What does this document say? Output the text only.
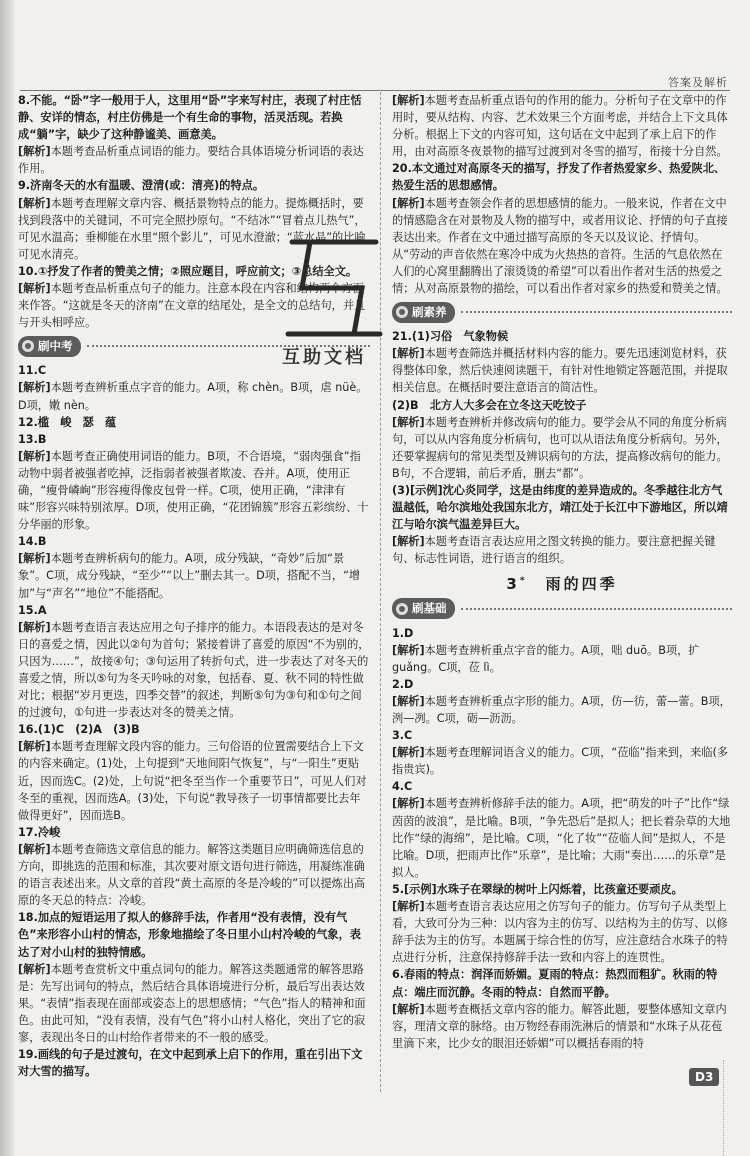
答案及解析

8.不能。“卧”字一般用于人，这里用“卧”字来写村庄，表现了村庄恬静、安详的情态，村庄仿佛是一个有生命的事物，活灵活现。若换成“躺”字，缺少了这种静谧美、画意美。

[解析]本题考查品析重点词语的能力。要结合具体语境分析词语的表达作用。

9.济南冬天的水有温暖、澄清(或：清亮)的特点。

[解析]本题考查理解文章内容、概括景物特点的能力。提炼概括时，要找到段落中的关键词，不可完全照抄原句。“不结冰”“冒着点儿热气”，可见水温高；垂柳能在水里“照个影儿”，可见水澄澈；“蓝水晶”的比喻可见水清亮。

10.①抒发了作者的赞美之情；②照应题目，呼应前文；③总结全文。

[解析]本题考查品析重点句子的能力。注意本段在内容和结构两个方面来作答。“这就是冬天的济南”在文章的结尾处，是全文的总结句，并且与开头相呼应。

刷中考

11.C

[解析]本题考查辨析重点字音的能力。A项，称 chèn。B项，虐 nüè。D项，嫩 nèn。

12.槛　峻　瑟　蕴

13.B

[解析]本题考查正确使用词语的能力。B项，不合语境，“弱肉强食”指动物中弱者被强者吃掉，泛指弱者被强者欺凌、吞并。A项，使用正确，“瘦骨嶙峋”形容瘦得像皮包骨一样。C项，使用正确，“津津有味”形容兴味特别浓厚。D项，使用正确，“花团锦簇”形容五彩缤纷、十分华丽的形象。

14.B

[解析]本题考查辨析病句的能力。A项，成分残缺，“奇妙”后加“景象”。C项，成分残缺，“至少”“以上”删去其一。D项，搭配不当，“增加”与“声名”“地位”不能搭配。

15.A

[解析]本题考查语言表达应用之句子排序的能力。本语段表达的是对冬日的喜爱之情，因此以②句为首句；紧接着讲了喜爱的原因“不为别的，只因为……”，故接④句；③句运用了转折句式，进一步表达了对冬天的喜爱之情，所以⑤句为冬天吟咏的对象，包括春、夏、秋不同的特性做对比；根据“岁月更迭，四季交替”的叙述，判断⑤句为③句和①句之间的过渡句，①句进一步表达对冬的赞美之情。

16.(1)C　(2)A　(3)B

[解析]本题考查理解文段内容的能力。三句俗语的位置需要结合上下文的内容来确定。(1)处，上句提到“天地间阳气恢复”，与“一阳生”更贴近，因而选C。(2)处，上句说“把冬至当作一个重要节日”，可见人们对冬至的重视，因而选A。(3)处，下句说“教导孩子一切事情都要比去年做得更好”，因而选B。

17.冷峻

[解析]本题考查筛选文章信息的能力。解答这类题目应明确筛选信息的方向，即挑选的范围和标准，其次要对原文语句进行筛选，用凝练准确的语言表述出来。从文章的首段“黄土高原的冬是冷峻的”可以提炼出高原的冬天总的特点：冷峻。

18.加点的短语运用了拟人的修辞手法，作者用“没有表情，没有气色”来形容小山村的情态，形象地描绘了冬日里小山村冷峻的气象，表达了对小山村的独特情感。

[解析]本题考查赏析文中重点词句的能力。解答这类题通常的解答思路是：先写出词句的特点，然后结合具体语境进行分析，最后写出表达效果。“表情”指表现在面部或姿态上的思想感情；“气色”指人的精神和面色。由此可知，“没有表情，没有气色”将小山村人格化，突出了它的寂寥，表现出冬日的山村给作者带来的不一般的感受。

19.画线的句子是过渡句，在文中起到承上启下的作用，重在引出下文对大雪的描写。

[解析]本题考查品析重点语句的作用的能力。分析句子在文章中的作用时，要从结构、内容、艺术效果三个方面考虑，并结合上下文具体分析。根据上下文的内容可知，这句话在文中起到了承上启下的作用，由对高原冬夜景物的描写过渡到对冬雪的描写，衔接十分自然。

20.本文通过对高原冬天的描写，抒发了作者热爱家乡、热爱陕北、热爱生活的思想感情。

[解析]本题考查领会作者的思想感情的能力。一般来说，作者在文中的情感隐含在对景物及人物的描写中，或者用议论、抒情的句子直接表达出来。作者在文中通过描写高原的冬天以及议论、抒情句。从“劳动的声音依然在寒冷中成为火热热的音符。生活的气息依然在人们的心窝里翻腾出了滚烫烫的希望”可以看出作者对生活的热爱之情；从对高原景物的描绘，可以看出作者对家乡的热爱和赞美之情。

刷素养

21.(1)习俗　气象物候

[解析]本题考查筛选并概括材料内容的能力。要先迅速浏览材料，获得整体印象，然后快速阅读题干，有针对性地锁定答题范围，并提取相关信息。在概括时要注意语言的简洁性。

(2)B　北方人大多会在立冬这天吃饺子

[解析]本题考查辨析并修改病句的能力。要学会从不同的角度分析病句，可以从内容角度分析病句，也可以从语法角度分析病句。另外，还要掌握病句的常见类型及辨识病句的方法，提高修改病句的能力。B句，不合逻辑，前后矛盾，删去“都”。

(3)[示例]沈心炎同学，这是由纬度的差异造成的。冬季越往北方气温越低，哈尔滨地处我国东北方，靖江处于长江中下游地区，所以靖江与哈尔滨气温差异巨大。

[解析]本题考查语言表达应用之图文转换的能力。要注意把握关键句、标志性词语，进行语言的组织。

3*　 雨的四季
刷基础

1.D

[解析]本题考查辨析重点字音的能力。A项，咄 duō。B项，扩 guǎng。C项，莅 lì。

2.D

[解析]本题考查辨析重点字形的能力。A项，仿—彷，蕾—蕾。B项，洌—冽。C项，砺—沥沥。

3.C

[解析]本题考查理解词语含义的能力。C项，“莅临”指来到，来临(多指贵宾)。

4.C

[解析]本题考查辨析修辞手法的能力。A项，把“萌发的叶子”比作“绿茵茵的波浪”，是比喻。B项，“争先恐后”是拟人；把长着杂草的大地比作“绿的海绵”，是比喻。C项，“化了妆”“莅临人间”是拟人，不是比喻。D项，把雨声比作“乐章”，是比喻；大雨“奏出……的乐章”是拟人。

5.[示例]水珠子在翠绿的树叶上闪烁着，比孩童还要顽皮。

[解析]本题考查语言表达应用之仿写句子的能力。仿写句子从类型上看，大致可分为三种：以内容为主的仿写、以结构为主的仿写、以修辞手法为主的仿写。本题属于综合性的仿写，应注意结合水珠子的特点进行分析，注意保持修辞手法一致和内容上的连贯性。

6.春雨的特点：润泽而娇媚。夏雨的特点：热烈而粗犷。秋雨的特点：端庄而沉静。冬雨的特点：自然而平静。

[解析]本题考查概括文章内容的能力。解答此题，要整体感知文章内容，理清文章的脉络。由万物经春雨洗淋后的情景和“水珠子从花苞里滴下来，比少女的眼泪还娇媚”可以概括春雨的特

互助文档
D3
